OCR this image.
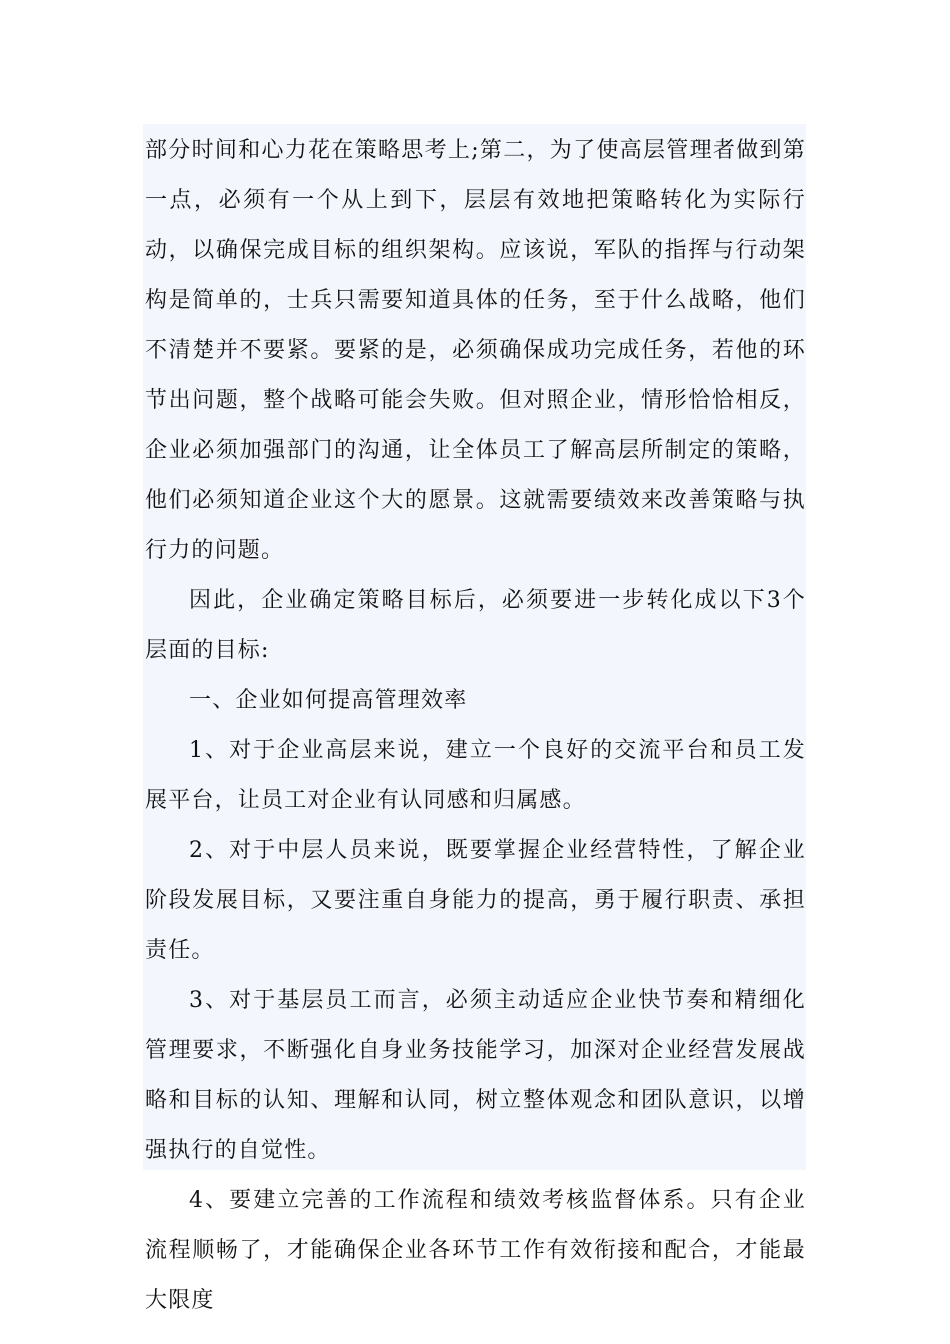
部分时间和心力花在策略思考上;第二，为了使高层管理者做到第一点，必须有一个从上到下，层层有效地把策略转化为实际行动，以确保完成目标的组织架构。应该说，军队的指挥与行动架构是简单的，士兵只需要知道具体的任务，至于什么战略，他们不清楚并不要紧。要紧的是，必须确保成功完成任务，若他的环节出问题，整个战略可能会失败。但对照企业，情形恰恰相反，企业必须加强部门的沟通，让全体员工了解高层所制定的策略，他们必须知道企业这个大的愿景。这就需要绩效来改善策略与执行力的问题。

因此，企业确定策略目标后，必须要进一步转化成以下3个层面的目标:

一、企业如何提高管理效率

1、对于企业高层来说，建立一个良好的交流平台和员工发展平台，让员工对企业有认同感和归属感。

2、对于中层人员来说，既要掌握企业经营特性，了解企业阶段发展目标，又要注重自身能力的提高，勇于履行职责、承担责任。

3、对于基层员工而言，必须主动适应企业快节奏和精细化管理要求，不断强化自身业务技能学习，加深对企业经营发展战略和目标的认知、理解和认同，树立整体观念和团队意识，以增强执行的自觉性。

4、要建立完善的工作流程和绩效考核监督体系。只有企业流程顺畅了，才能确保企业各环节工作有效衔接和配合，才能最大限度
